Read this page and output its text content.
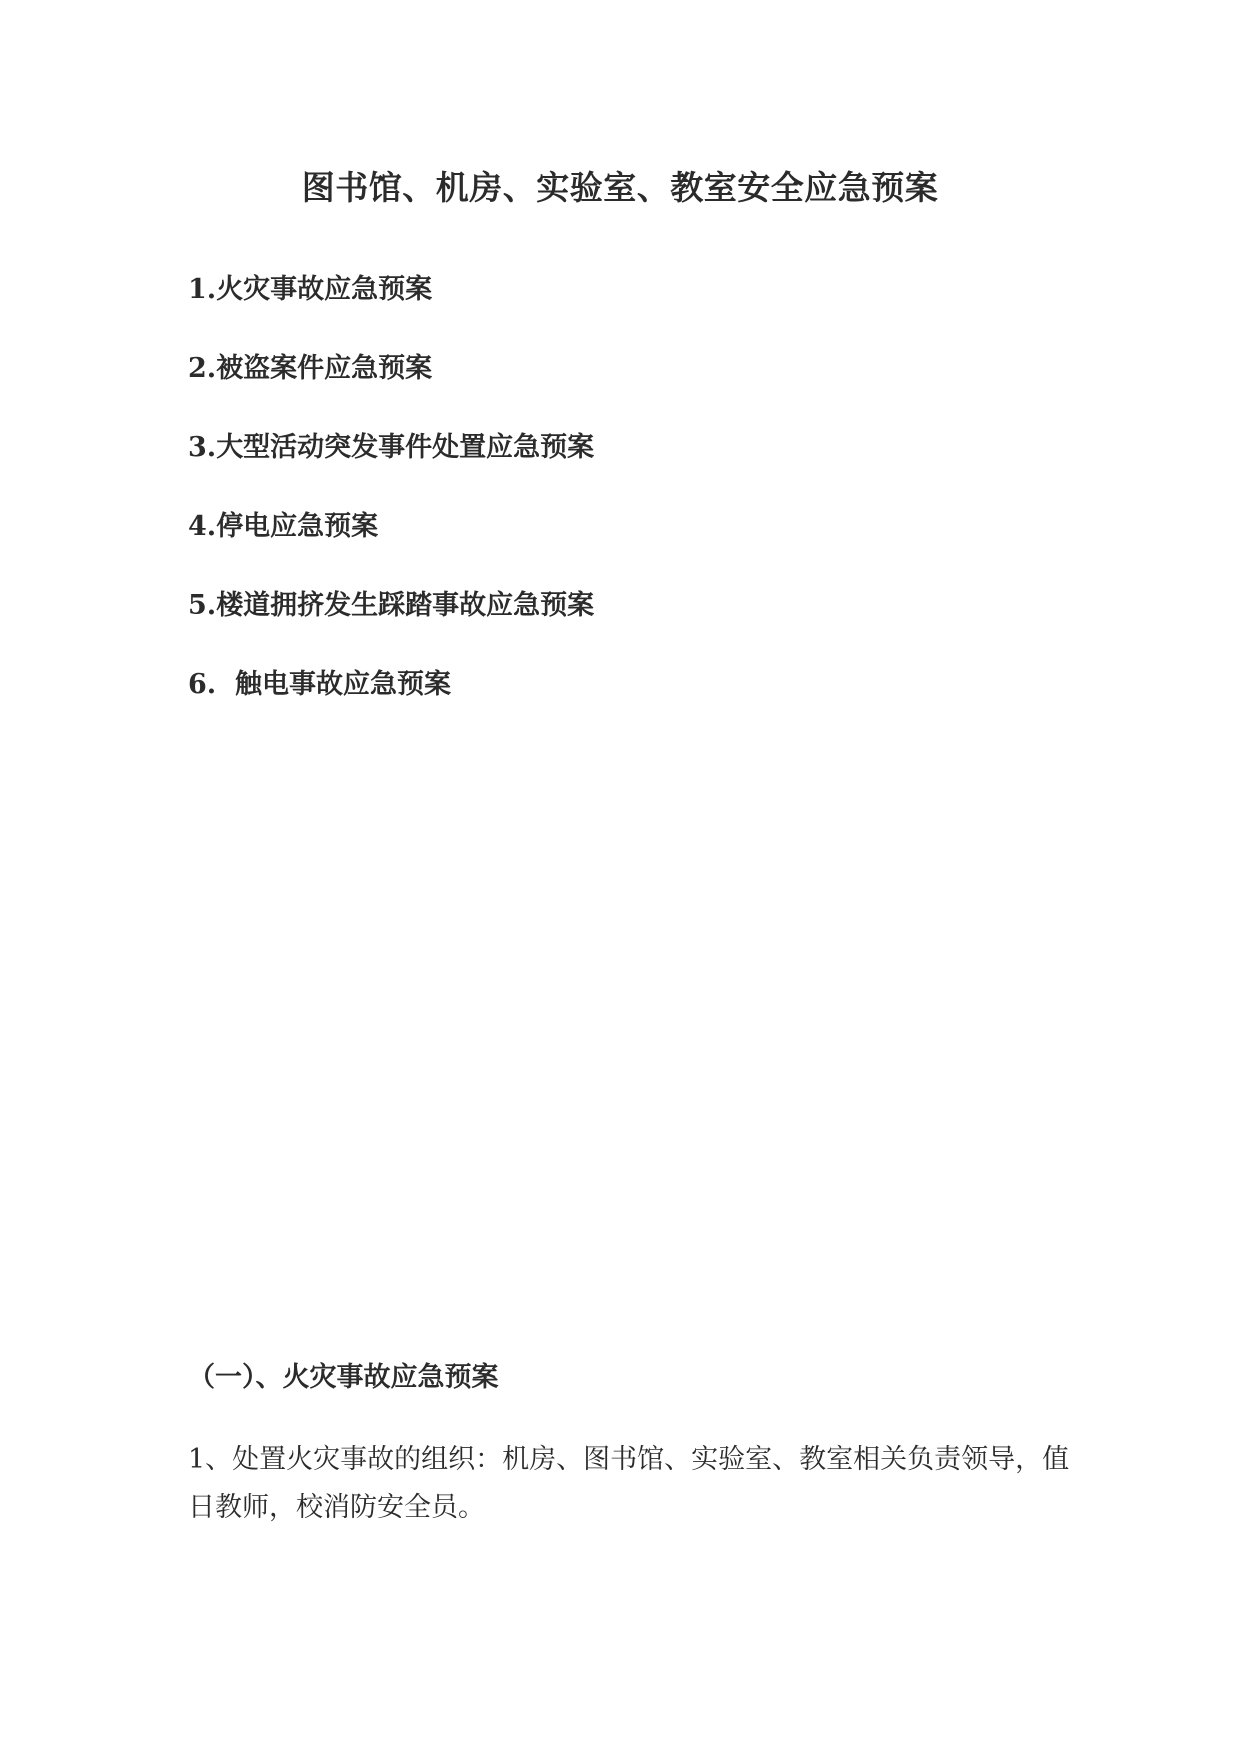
图书馆、机房、实验室、教室安全应急预案
1.火灾事故应急预案
2.被盗案件应急预案
3.大型活动突发事件处置应急预案
4.停电应急预案
5.楼道拥挤发生踩踏事故应急预案
6.  触电事故应急预案
（一）、火灾事故应急预案

1、处置火灾事故的组织：机房、图书馆、实验室、教室相关负责领导，值日教师，校消防安全员。
